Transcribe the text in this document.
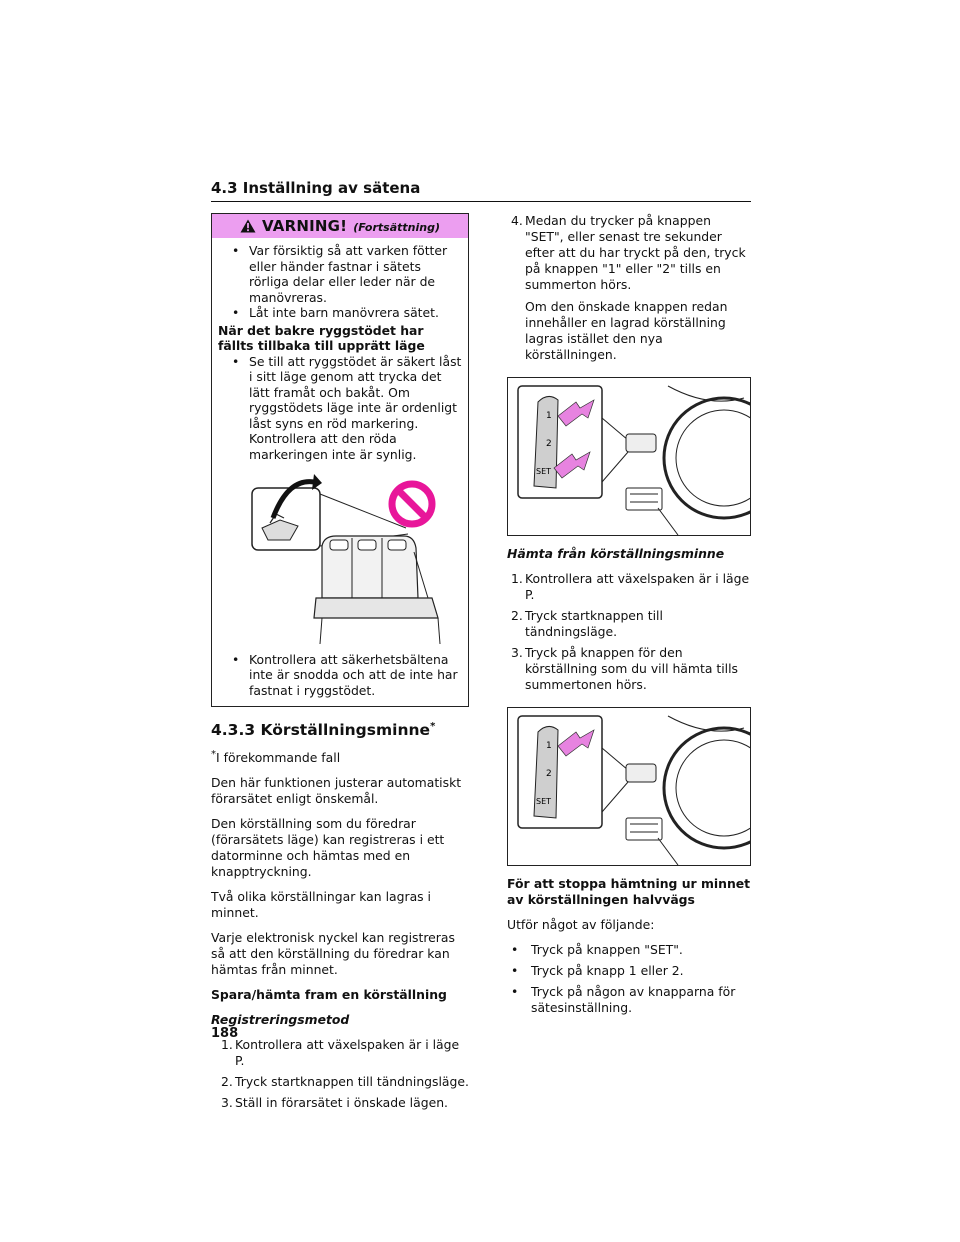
4.3 Inställning av sätena
VARNING! (Fortsättning)
• Var försiktig så att varken fötter eller händer fastnar i sätets rörliga delar eller leder när de manövreras.
• Låt inte barn manövrera sätet.
När det bakre ryggstödet har fällts tillbaka till upprätt läge
• Se till att ryggstödet är säkert låst i sitt läge genom att trycka det lätt framåt och bakåt. Om ryggstödets läge inte är ordenligt låst syns en röd markering. Kontrollera att den röda markeringen inte är synlig.
• Kontrollera att säkerhetsbältena inte är snodda och att de inte har fastnat i ryggstödet.
4.3.3 Körställningsminne*

*I förekommande fall

Den här funktionen justerar automatiskt förarsätet enligt önskemål.

Den körställning som du föredrar (förarsätets läge) kan registreras i ett datorminne och hämtas med en knapptryckning.

Två olika körställningar kan lagras i minnet.

Varje elektronisk nyckel kan registreras så att den körställning du föredrar kan hämtas från minnet.

Spara/hämta fram en körställning

Registreringsmetod

1. Kontrollera att växelspaken är i läge P.
2. Tryck startknappen till tändningsläge.
3. Ställ in förarsätet i önskade lägen.
4. Medan du trycker på knappen "SET", eller senast tre sekunder efter att du har tryckt på den, tryck på knappen "1" eller "2" tills en summerton hörs.
Om den önskade knappen redan innehåller en lagrad körställning lagras istället den nya körställningen.
1
2
SET

Hämta från körställningsminne

1. Kontrollera att växelspaken är i läge P.
2. Tryck startknappen till tändningsläge.
3. Tryck på knappen för den körställning som du vill hämta tills summertonen hörs.
1
2
SET

För att stoppa hämtning ur minnet av körställningen halvvägs

Utför något av följande:

• Tryck på knappen "SET".
• Tryck på knapp 1 eller 2.
• Tryck på någon av knapparna för sätesinställning.
188
